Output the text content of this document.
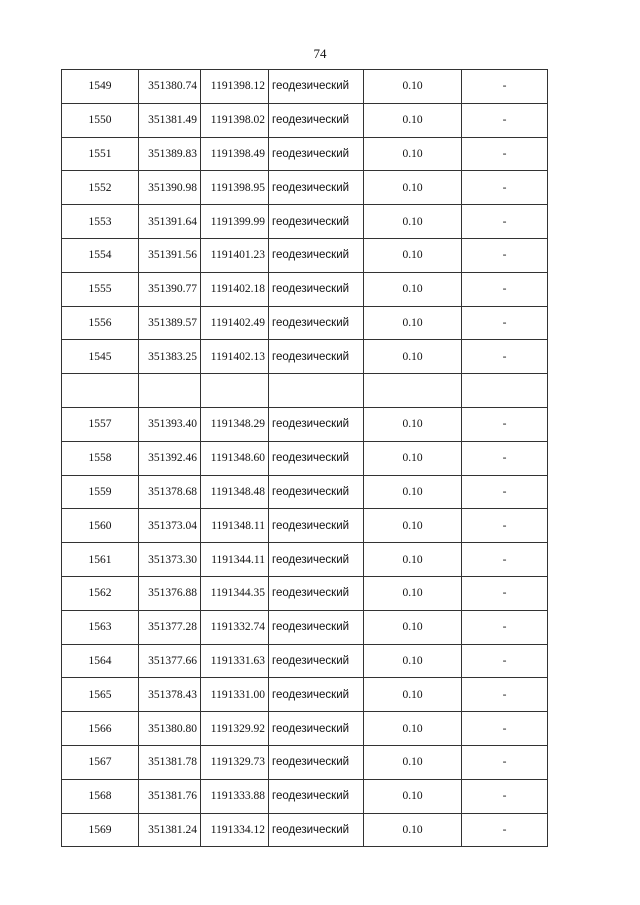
74
1549	351380.74	1191398.12	геодезический	0.10	-
1550	351381.49	1191398.02	геодезический	0.10	-
1551	351389.83	1191398.49	геодезический	0.10	-
1552	351390.98	1191398.95	геодезический	0.10	-
1553	351391.64	1191399.99	геодезический	0.10	-
1554	351391.56	1191401.23	геодезический	0.10	-
1555	351390.77	1191402.18	геодезический	0.10	-
1556	351389.57	1191402.49	геодезический	0.10	-
1545	351383.25	1191402.13	геодезический	0.10	-

1557	351393.40	1191348.29	геодезический	0.10	-
1558	351392.46	1191348.60	геодезический	0.10	-
1559	351378.68	1191348.48	геодезический	0.10	-
1560	351373.04	1191348.11	геодезический	0.10	-
1561	351373.30	1191344.11	геодезический	0.10	-
1562	351376.88	1191344.35	геодезический	0.10	-
1563	351377.28	1191332.74	геодезический	0.10	-
1564	351377.66	1191331.63	геодезический	0.10	-
1565	351378.43	1191331.00	геодезический	0.10	-
1566	351380.80	1191329.92	геодезический	0.10	-
1567	351381.78	1191329.73	геодезический	0.10	-
1568	351381.76	1191333.88	геодезический	0.10	-
1569	351381.24	1191334.12	геодезический	0.10	-
